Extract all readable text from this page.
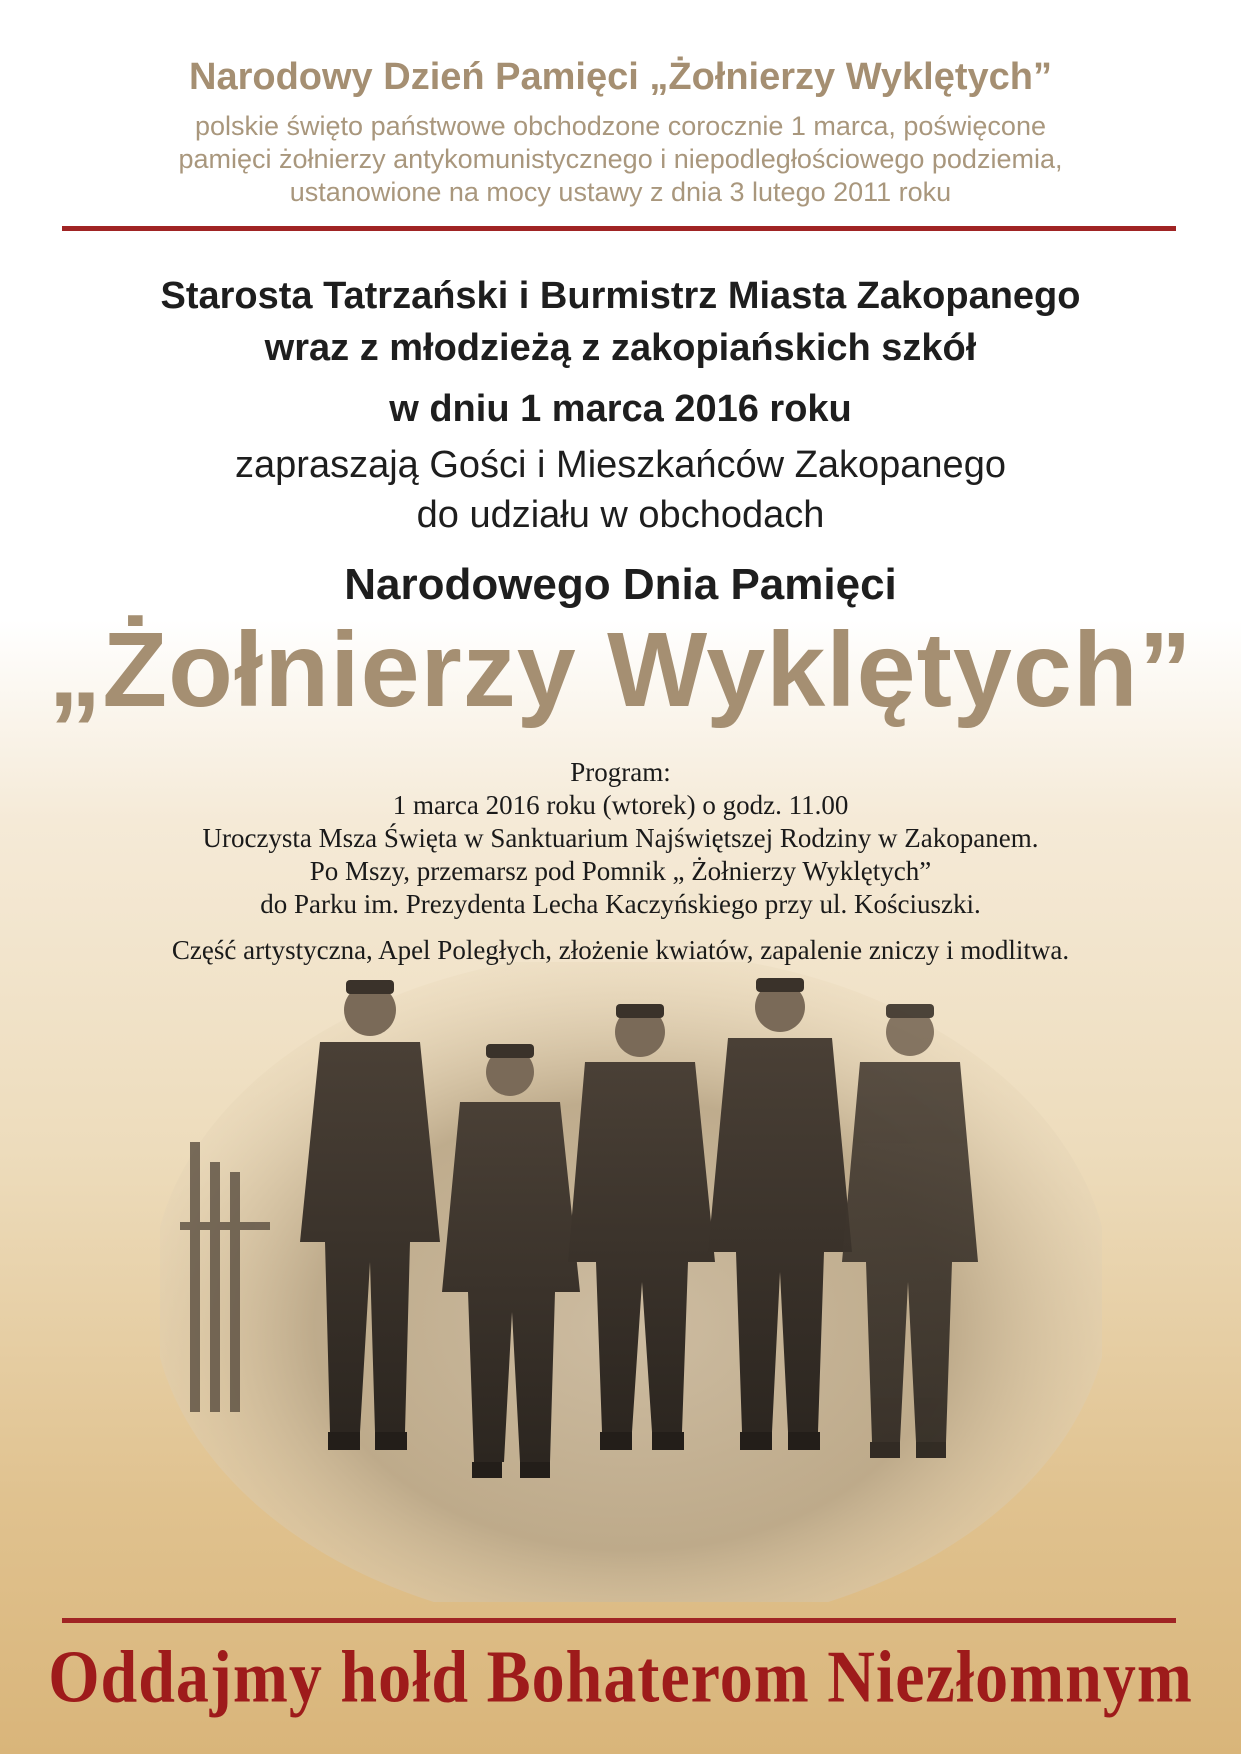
Narodowy Dzień Pamięci „Żołnierzy Wyklętych”
polskie święto państwowe obchodzone corocznie 1 marca, poświęcone
pamięci żołnierzy antykomunistycznego i niepodległościowego podziemia,
ustanowione na mocy ustawy z dnia 3 lutego 2011 roku
Starosta Tatrzański i Burmistrz Miasta Zakopanego
wraz z młodzieżą z zakopiańskich szkół
w dniu 1 marca 2016 roku
zapraszają Gości i Mieszkańców Zakopanego
do udziału w obchodach
Narodowego Dnia Pamięci
„Żołnierzy Wyklętych”
Program:
1 marca 2016 roku (wtorek) o godz. 11.00
Uroczysta Msza Święta w Sanktuarium Najświętszej Rodziny w Zakopanem.
Po Mszy, przemarsz pod Pomnik „ Żołnierzy Wyklętych”
do Parku im. Prezydenta Lecha Kaczyńskiego przy ul. Kościuszki.
Część artystyczna, Apel Poległych, złożenie kwiatów, zapalenie zniczy i modlitwa.
Oddajmy hołd Bohaterom Niezłomnym
